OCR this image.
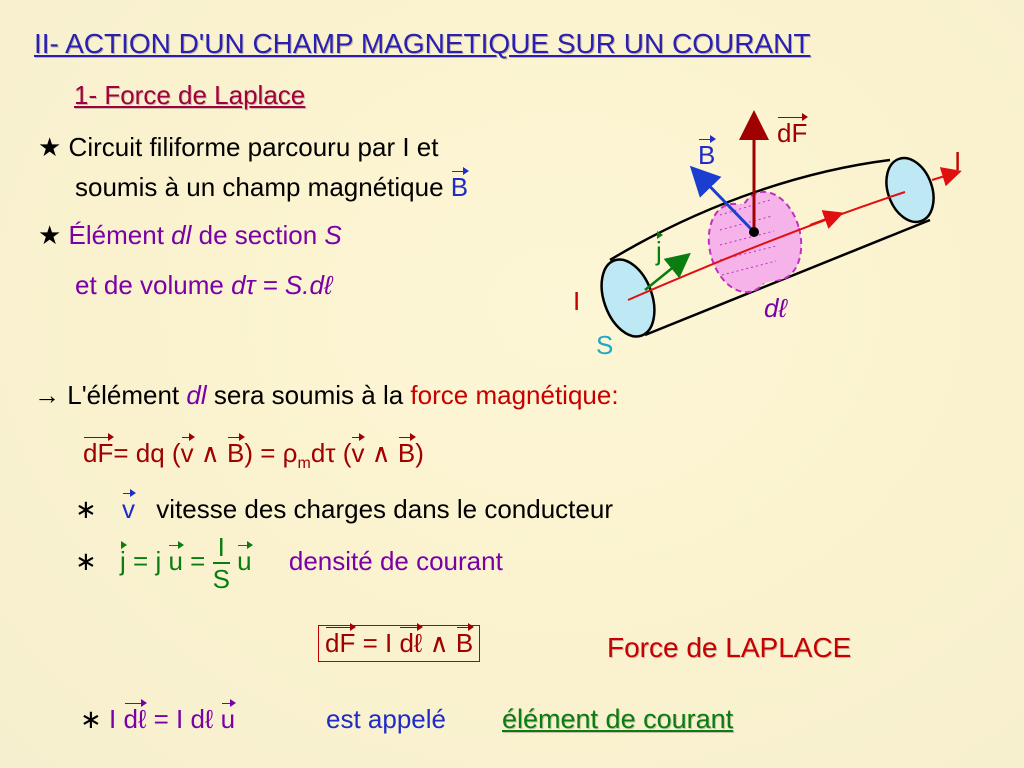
II- ACTION D'UN CHAMP MAGNETIQUE SUR UN COURANT
1- Force de Laplace
★ Circuit filiforme parcouru par I et
soumis à un champ magnétique B
★ Élément dl de section S
et de volume dτ = S.dℓ
dF
B	I
j
I
S
dℓ
→ L'élément dl sera soumis à la force magnétique:
dF= dq (v ∧ $B) = \rho_md\tau$ (v ∧ B)
∗ v vitesse des charges dans le conducteur
∗ j = j $u = \frac{I}{S}$ u densité de courant
dF = I dℓ ∧ B	Force de LAPLACE
∗ I dℓ = I dℓ u	est appelé élément de courant
